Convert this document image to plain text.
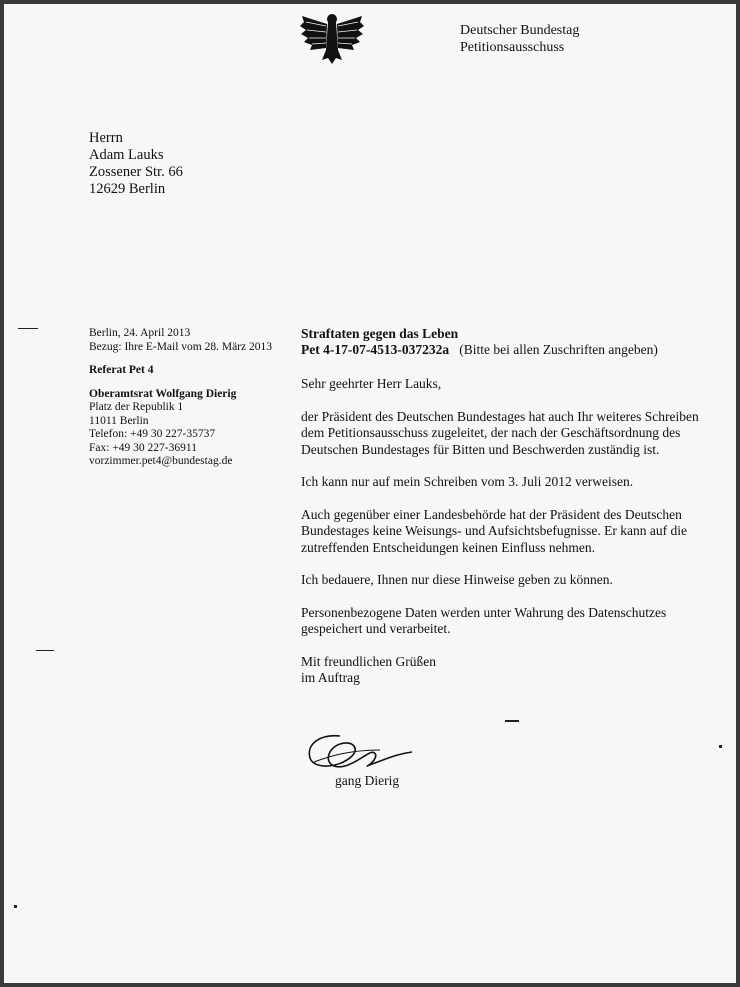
Deutscher Bundestag
Petitionsausschuss
Herrn
Adam Lauks
Zossener Str. 66
12629 Berlin
Berlin, 24. April 2013
Bezug: Ihre E-Mail vom 28. März 2013
Referat Pet 4
Oberamtsrat Wolfgang Dierig
Platz der Republik 1
11011 Berlin
Telefon: +49 30 227-35737
Fax: +49 30 227-36911
vorzimmer.pet4@bundestag.de
Straftaten gegen das Leben
Pet 4-17-07-4513-037232a (Bitte bei allen Zuschriften angeben)

Sehr geehrter Herr Lauks,

der Präsident des Deutschen Bundestages hat auch Ihr weiteres Schreiben dem Petitionsausschuss zugeleitet, der nach der Geschäftsordnung des Deutschen Bundestages für Bitten und Beschwerden zuständig ist.

Ich kann nur auf mein Schreiben vom 3. Juli 2012 verweisen.

Auch gegenüber einer Landesbehörde hat der Präsident des Deutschen Bundestages keine Weisungs- und Aufsichtsbefugnisse. Er kann auf die zutreffenden Entscheidungen keinen Einfluss nehmen.

Ich bedauere, Ihnen nur diese Hinweise geben zu können.

Personenbezogene Daten werden unter Wahrung des Datenschutzes gespeichert und verarbeitet.

Mit freundlichen Grüßen
im Auftrag
gang Dierig
